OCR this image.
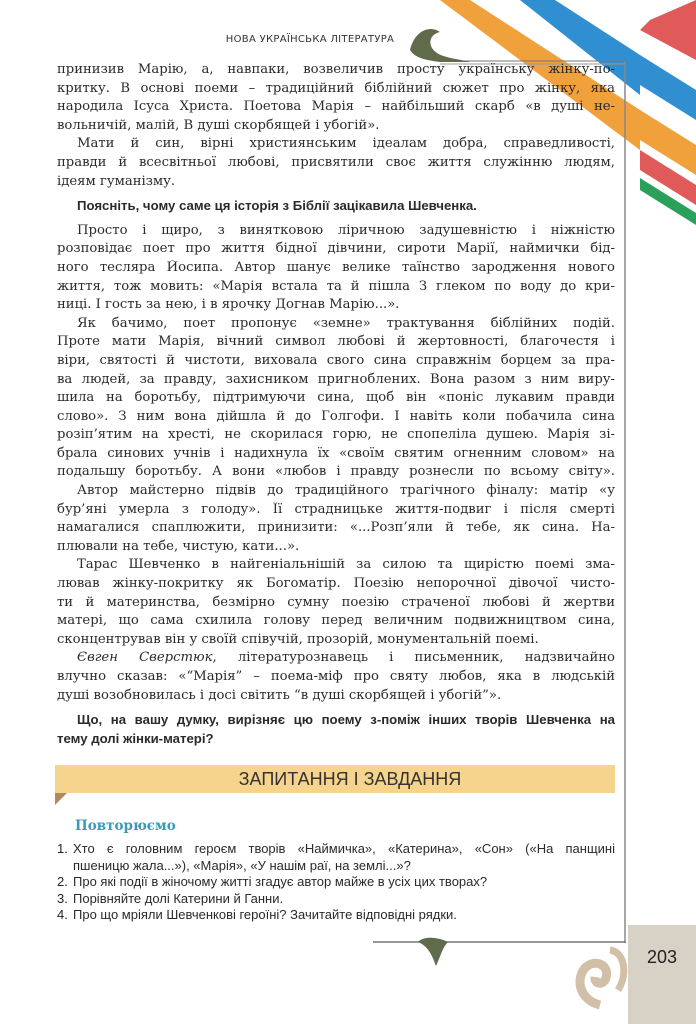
НОВА УКРАЇНСЬКА ЛІТЕРАТУРА
принизив Марію, а, навпаки, возвеличив просту українську жінку-по-
критку. В основі поеми – традиційний біблійний сюжет про жінку, яка
народила Ісуса Христа. Поетова Марія – найбільший скарб «в душі не-
вольничій, малій, В душі скорбящей і убогій».
Мати й син, вірні християнським ідеалам добра, справедливості,
правди й всесвітньої любові, присвятили своє життя служінню людям,
ідеям гуманізму.
Поясніть, чому саме ця історія з Біблії зацікавила Шевченка.
Просто і щиро, з винятковою ліричною задушевністю і ніжністю
розповідає поет про життя бідної дівчини, сироти Марії, наймички бід-
ного тесляра Йосипа. Автор шанує велике таїнство зародження нового
життя, тож мовить: «Марія встала та й пішла З глеком по воду до кри-
ниці. І гость за нею, і в ярочку Догнав Марію...».
Як бачимо, поет пропонує «земне» трактування біблійних подій.
Проте мати Марія, вічний символ любові й жертовності, благочестя і
віри, святості й чистоти, виховала свого сина справжнім борцем за пра-
ва людей, за правду, захисником пригноблених. Вона разом з ним виру-
шила на боротьбу, підтримуючи сина, щоб він «поніс лукавим правди
слово». З ним вона дійшла й до Голгофи. І навіть коли побачила сина
розіп’ятим на хресті, не скорилася горю, не спопеліла душею. Марія зі-
брала синових учнів і надихнула їх «своїм святим огненним словом» на
подальшу боротьбу. А вони «любов і правду рознесли по всьому світу».
Автор майстерно підвів до традиційного трагічного фіналу: матір «у
бур’яні умерла з голоду». Її страдницьке життя-подвиг і після смерті
намагалися спаплюжити, принизити: «...Розп’яли й тебе, як сина. На-
плювали на тебе, чистую, кати...».
Тарас Шевченко в найгеніальнішій за силою та щирістю поемі зма-
лював жінку-покритку як Богоматір. Поезію непорочної дівочої чисто-
ти й материнства, безмірно сумну поезію страченої любові й жертви
матері, що сама схилила голову перед величним подвижництвом сина,
сконцентрував він у своїй співучій, прозорій, монументальній поемі.
Євген Сверстюк, літературознавець і письменник, надзвичайно
влучно сказав: «“Марія” – поема-міф про святу любов, яка в людській
душі возобновилась і досі світить “в душі скорбящей і убогій”».
Що, на вашу думку, вирізняє цю поему з-поміж інших творів Шевченка на
тему долі жінки-матері?
ЗАПИТАННЯ І ЗАВДАННЯ
Повторюємо
1. Хто є головним героєм творів «Наймичка», «Катерина», «Сон» («На панщині
пшеницю жала...»), «Марія», «У нашім раї, на землі...»?
2. Про які події в жіночому житті згадує автор майже в усіх цих творах?
3. Порівняйте долі Катерини й Ганни.
4. Про що мріяли Шевченкові героїні? Зачитайте відповідні рядки.
203
